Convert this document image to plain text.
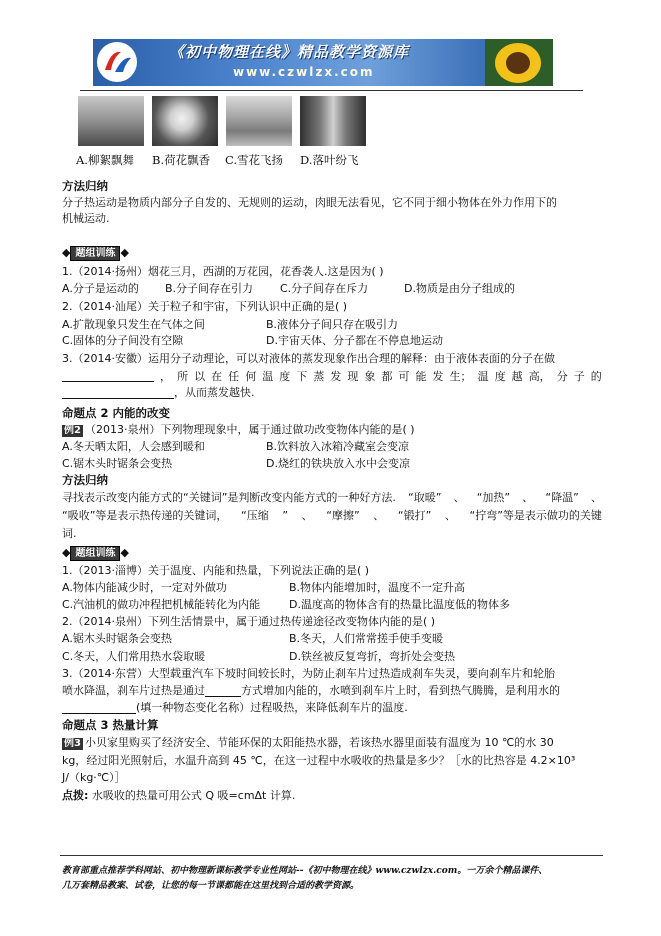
《初中物理在线》精品教学资源库
www.czwlzx.com
A.柳絮飘舞 B.荷花飘香 C.雪花飞扬 D.落叶纷飞
方法归纳
分子热运动是物质内部分子自发的、无规则的运动，肉眼无法看见，它不同于细小物体在外力作用下的
机械运动.
◆ 题组训练 ◆
1.（2014·扬州）烟花三月，西湖的万花园，花香袭人.这是因为( )
A.分子是运动的 B.分子间存在引力 C.分子间存在斥力	D.物质是由分子组成的
2.（2014·汕尾）关于粒子和宇宙，下列认识中正确的是( )
A.扩散现象只发生在气体之间	B.液体分子间只存在吸引力
C.固体的分子间没有空隙	D.宇宙天体、分子都在不停息地运动
3.（2014·安徽）运用分子动理论，可以对液体的蒸发现象作出合理的解释：由于液体表面的分子在做
， 所 以 在 任 何 温 度 下 蒸 发 现 象 都 可 能 发 生； 温 度 越 高， 分 子 的
，从而蒸发越快.
命题点 2 内能的改变
例2 （2013·泉州）下列物理现象中，属于通过做功改变物体内能的是( )
A.冬天晒太阳，人会感到暖和	B.饮料放入冰箱冷藏室会变凉
C.锯木头时锯条会变热	D.烧红的铁块放入水中会变凉
方法归纳
寻找表示改变内能方式的“关键词”是判断改变内能方式的一种好方法. “取暖” 、 “加热” 、 “降温” 、
“吸收”等是表示热传递的关键词， “压缩 ” 、 “摩擦” 、 “锻打” 、 “拧弯”等是表示做功的关键
词.
◆ 题组训练 ◆
1.（2013·淄博）关于温度、内能和热量，下列说法正确的是( )
A.物体内能减少时，一定对外做功	B.物体内能增加时，温度不一定升高
C.汽油机的做功冲程把机械能转化为内能	D.温度高的物体含有的热量比温度低的物体多
2.（2014·泉州）下列生活情景中，属于通过热传递途径改变物体内能的是( )
A.锯木头时锯条会变热	B.冬天，人们常常搓手使手变暖
C.冬天，人们常用热水袋取暖	D.铁丝被反复弯折，弯折处会变热
3.（2014·东营）大型载重汽车下坡时间较长时，为防止刹车片过热造成刹车失灵，要向刹车片和轮胎
喷水降温，刹车片过热是通过	方式增加内能的，水喷到刹车片上时，看到热气腾腾，是利用水的
(填一种物态变化名称）过程吸热，来降低刹车片的温度.
命题点 3 热量计算
例3 小贝家里购买了经济安全、节能环保的太阳能热水器，若该热水器里面装有温度为 10 ℃的水 30
kg，经过阳光照射后，水温升高到 45 ℃，在这一过程中水吸收的热量是多少？［水的比热容是 4.2×10³
J/（kg·℃）］
点拨: 水吸收的热量可用公式 Q 吸=cmΔt 计算.
教育部重点推荐学科网站、初中物理新课标教学专业性网站--《初中物理在线》www.czwlzx.com。一万余个精品课件、
几万套精品教案、试卷，让您的每一节课都能在这里找到合适的教学资源。
